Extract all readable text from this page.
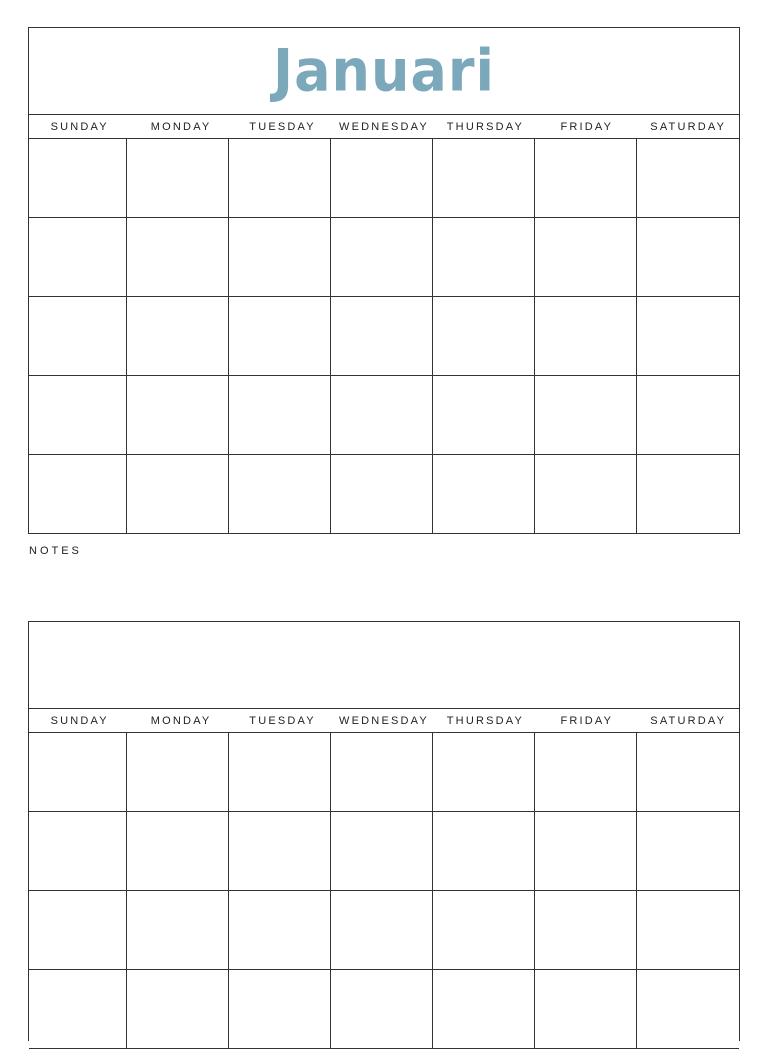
Januari
SUNDAY	MONDAY	TUESDAY	WEDNESDAY	THURSDAY	FRIDAY	SATURDAY
NOTES
SUNDAY	MONDAY	TUESDAY	WEDNESDAY	THURSDAY	FRIDAY	SATURDAY
